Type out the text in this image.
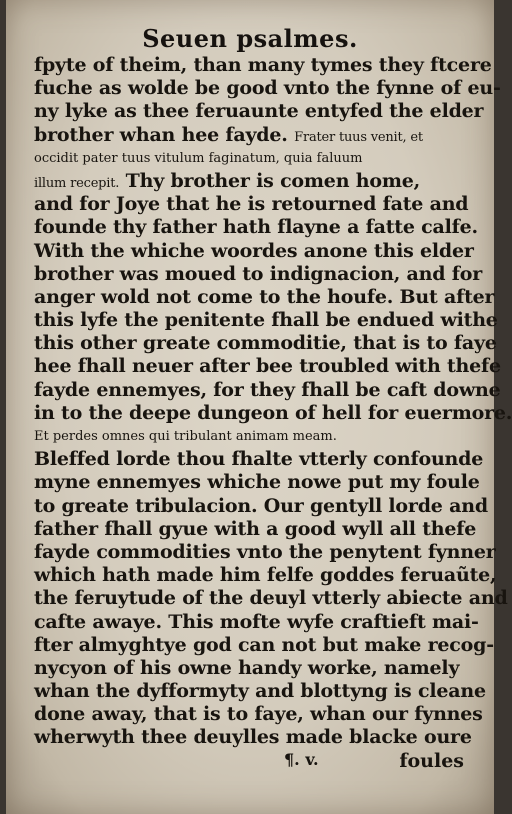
Seuen psalmes.
fpyte of theim, than many tymes they ftcere
fuche as wolde be good vnto the fynne of eu-
ny lyke as thee feruaunte entyfed the elder
brother whan hee fayde. Frater tuus venit, et
occidit pater tuus vitulum faginatum, quia faluum
illum recepit. Thy brother is comen home,
and for Joye that he is retourned fate and
founde thy father hath flayne a fatte calfe.
With the whiche woordes anone this elder
brother was moued to indignacion, and for
anger wold not come to the houfe. But after
this lyfe the penitente fhall be endued withe
this other greate commoditie, that is to faye
hee fhall neuer after bee troubled with thefe
fayde ennemyes, for they fhall be caft downe
in to the deepe dungeon of hell for euermore.
Et perdes omnes qui tribulant animam meam.
Bleffed lorde thou fhalte vtterly confounde
myne ennemyes whiche nowe put my foule
to greate tribulacion. Our gentyll lorde and
father fhall gyue with a good wyll all thefe
fayde commodities vnto the penytent fynner
which hath made him felfe goddes feruaũte,
the feruytude of the deuyl vtterly abiecte and
cafte awaye. This mofte wyfe craftieft mai-
fter almyghtye god can not but make recog-
nycyon of his owne handy worke, namely
whan the dyfformyty and blottyng is cleane
done away, that is to faye, whan our fynnes
wherwyth thee deuylles made blacke oure
¶. v.	foules
